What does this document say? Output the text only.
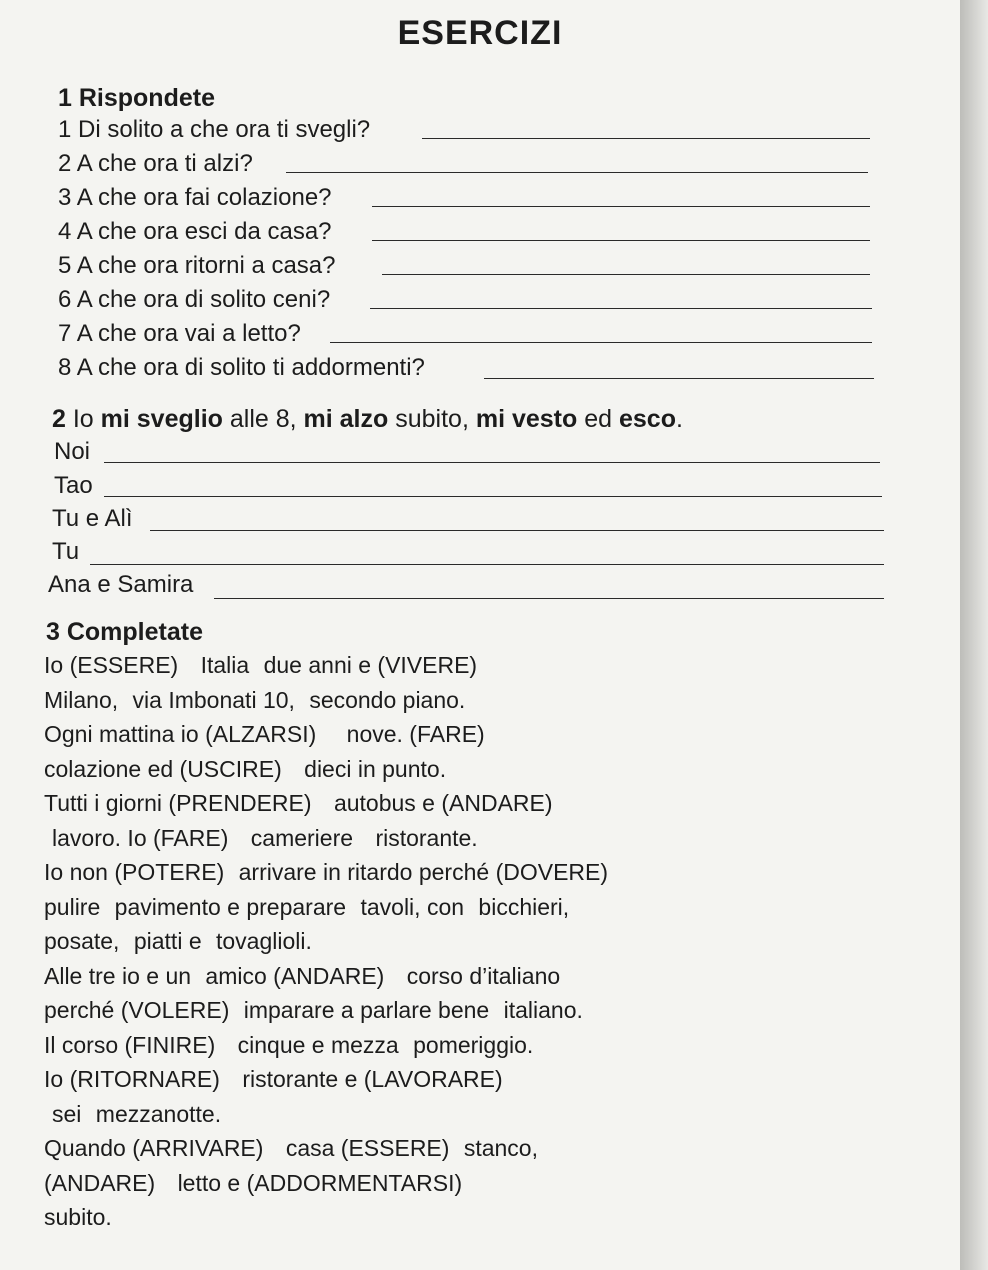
ESERCIZI
1 Rispondete
1 Di solito a che ora ti svegli?
2 A che ora ti alzi?
3 A che ora fai colazione?
4 A che ora esci da casa?
5 A che ora ritorni a casa?
6 A che ora di solito ceni?
7 A che ora vai a letto?
8 A che ora di solito ti addormenti?
2 Io mi sveglio alle 8, mi alzo subito, mi vesto ed esco.
Noi
Tao
Tu e Alì
Tu
Ana e Samira
3 Completate
Io (ESSERE) Italia due anni e (VIVERE)
Milano, via Imbonati 10, secondo piano.
Ogni mattina io (ALZARSI) nove. (FARE)
colazione ed (USCIRE) dieci in punto.
Tutti i giorni (PRENDERE) autobus e (ANDARE)
lavoro. Io (FARE) cameriere ristorante.
Io non (POTERE) arrivare in ritardo perché (DOVERE)
pulire pavimento e preparare tavoli, con bicchieri,
posate, piatti e tovaglioli.
Alle tre io e un amico (ANDARE) corso d’italiano
perché (VOLERE) imparare a parlare bene italiano.
Il corso (FINIRE) cinque e mezza pomeriggio.
Io (RITORNARE) ristorante e (LAVORARE)
sei mezzanotte.
Quando (ARRIVARE) casa (ESSERE) stanco,
(ANDARE) letto e (ADDORMENTARSI)
subito.
